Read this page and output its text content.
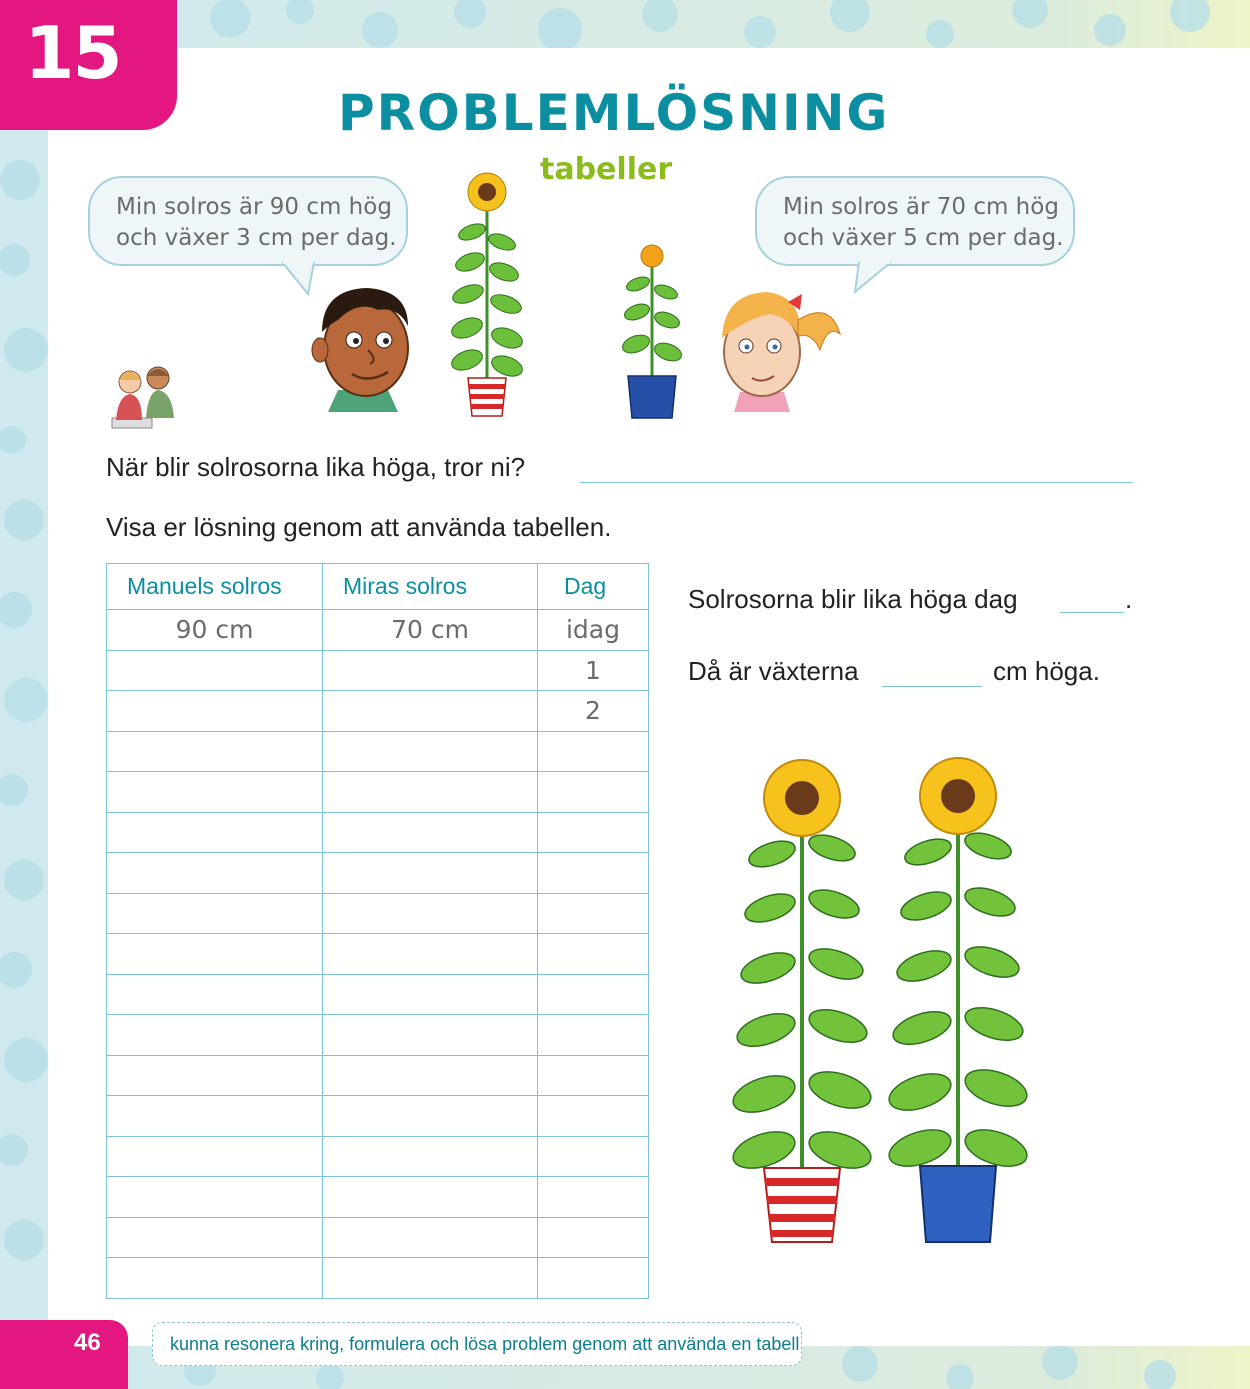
15
PROBLEMLÖSNING
tabeller
Min solros är 90 cm hög
och växer 3 cm per dag.
Min solros är 70 cm hög
och växer 5 cm per dag.
När blir solrosorna lika höga, tror ni?
Visa er lösning genom att använda tabellen.
Manuels solros	Miras solros	Dag
90 cm	70 cm	idag
		1
		2

Solrosorna blir lika höga dag	.
Då är växterna	cm höga.
46	kunna resonera kring, formulera och lösa problem genom att använda en tabell
